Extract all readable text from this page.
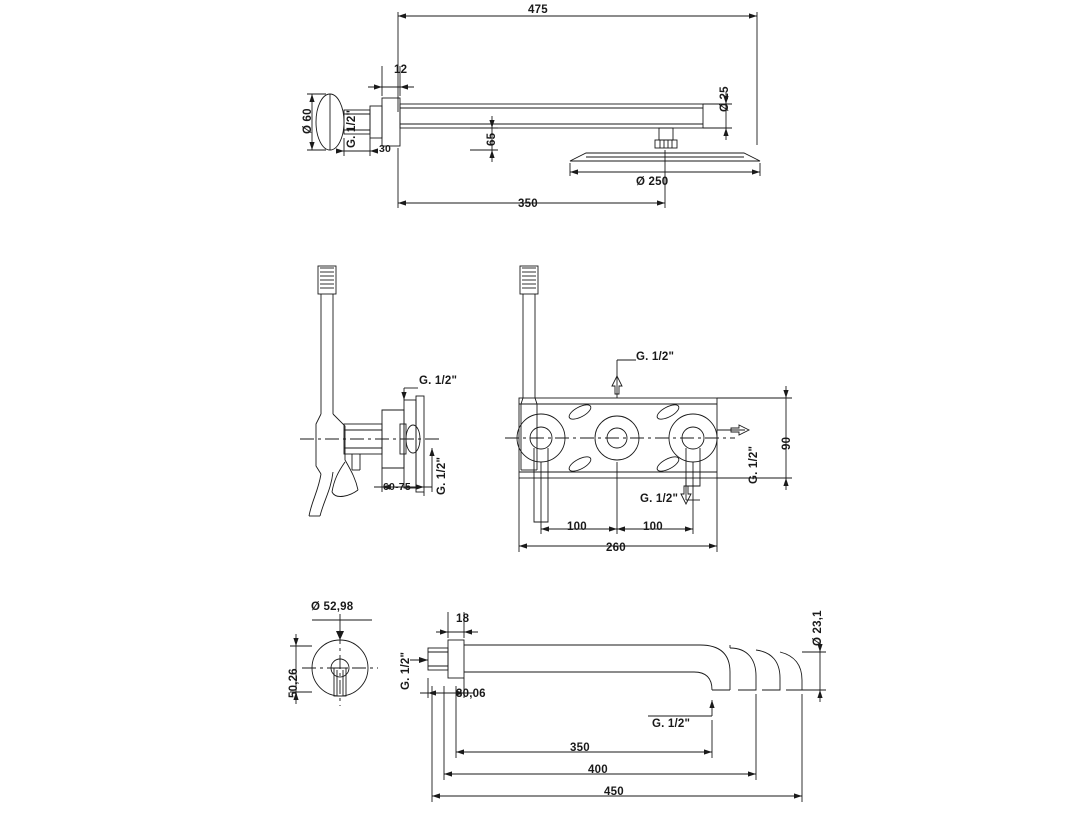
475
Ø 60	G. 1/2"
30
12
65
Ø 25
Ø 250
350
G. 1/2"
60-75 G. 1/2"
G. 1/2"
G. 1/2"
G. 1/2"
90
100	100
260
Ø 52,98
50,26	G. 1/2"
18
30,06
Ø 23,1
G. 1/2"
350
400
450
